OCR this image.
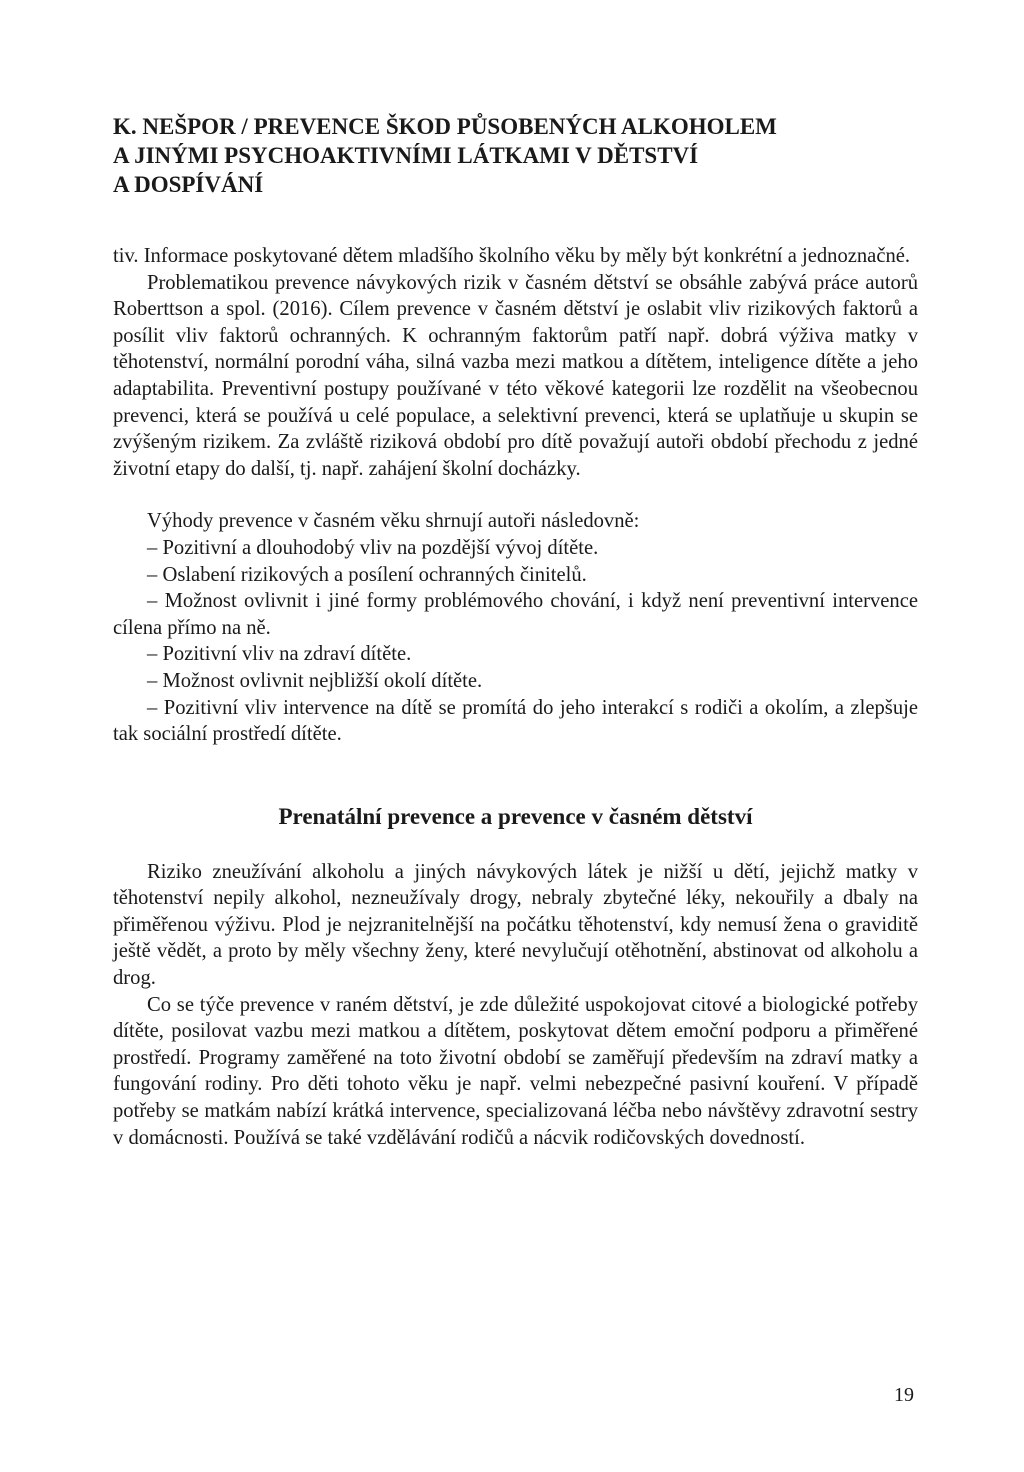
K. NEŠPOR / PREVENCE ŠKOD PŮSOBENÝCH ALKOHOLEM
A JINÝMI PSYCHOAKTIVNÍMI LÁTKAMI V DĚTSTVÍ
A DOSPÍVÁNÍ

tiv. Informace poskytované dětem mladšího školního věku by měly být konkrétní a jednoznačné.

Problematikou prevence návykových rizik v časném dětství se obsáhle zabývá práce autorů Roberttson a spol. (2016). Cílem prevence v časném dětství je oslabit vliv rizikových faktorů a posílit vliv faktorů ochranných. K ochranným faktorům patří např. dobrá výživa matky v těhotenství, normální porodní váha, silná vazba mezi matkou a dítětem, inteligence dítěte a jeho adaptabilita. Preventivní postupy používané v této věkové kategorii lze rozdělit na všeobecnou prevenci, která se používá u celé populace, a selektivní prevenci, která se uplatňuje u skupin se zvýšeným rizikem. Za zvláště riziková období pro dítě považují autoři období přechodu z jedné životní etapy do další, tj. např. zahájení školní docházky.

Výhody prevence v časném věku shrnují autoři následovně:

– Pozitivní a dlouhodobý vliv na pozdější vývoj dítěte.

– Oslabení rizikových a posílení ochranných činitelů.

– Možnost ovlivnit i jiné formy problémového chování, i když není preventivní intervence cílena přímo na ně.

– Pozitivní vliv na zdraví dítěte.

– Možnost ovlivnit nejbližší okolí dítěte.

– Pozitivní vliv intervence na dítě se promítá do jeho interakcí s rodiči a okolím, a zlepšuje tak sociální prostředí dítěte.

Prenatální prevence a prevence v časném dětství

Riziko zneužívání alkoholu a jiných návykových látek je nižší u dětí, jejichž matky v těhotenství nepily alkohol, nezneužívaly drogy, nebraly zbytečné léky, nekouřily a dbaly na přiměřenou výživu. Plod je nejzranitelnější na počátku těhotenství, kdy nemusí žena o graviditě ještě vědět, a proto by měly všechny ženy, které nevylučují otěhotnění, abstinovat od alkoholu a drog.

Co se týče prevence v raném dětství, je zde důležité uspokojovat citové a biologické potřeby dítěte, posilovat vazbu mezi matkou a dítětem, poskytovat dětem emoční podporu a přiměřené prostředí. Programy zaměřené na toto životní období se zaměřují především na zdraví matky a fungování rodiny. Pro děti tohoto věku je např. velmi nebezpečné pasivní kouření. V případě potřeby se matkám nabízí krátká intervence, specializovaná léčba nebo návštěvy zdravotní sestry v domácnosti. Používá se také vzdělávání rodičů a nácvik rodičovských dovedností.

19
